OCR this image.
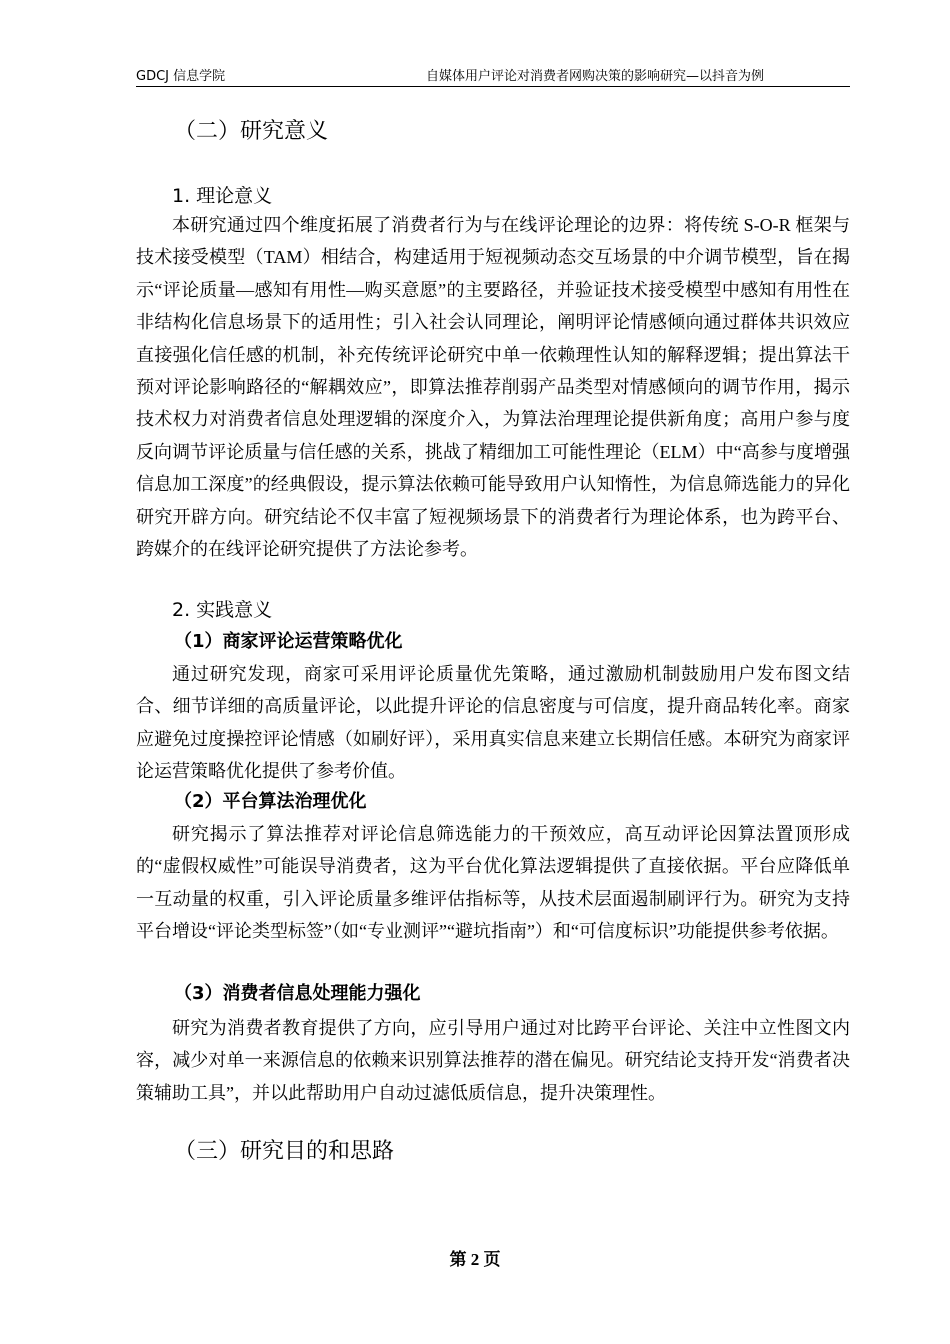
GDCJ 信息学院	自媒体用户评论对消费者网购决策的影响研究—以抖音为例
（二）研究意义
1. 理论意义

本研究通过四个维度拓展了消费者行为与在线评论理论的边界：将传统 S-O-R 框架与技术接受模型（TAM）相结合，构建适用于短视频动态交互场景的中介调节模型，旨在揭示“评论质量—感知有用性—购买意愿”的主要路径，并验证技术接受模型中感知有用性在非结构化信息场景下的适用性；引入社会认同理论，阐明评论情感倾向通过群体共识效应直接强化信任感的机制，补充传统评论研究中单一依赖理性认知的解释逻辑；提出算法干预对评论影响路径的“解耦效应”，即算法推荐削弱产品类型对情感倾向的调节作用，揭示技术权力对消费者信息处理逻辑的深度介入，为算法治理理论提供新角度；高用户参与度反向调节评论质量与信任感的关系，挑战了精细加工可能性理论（ELM）中“高参与度增强信息加工深度”的经典假设，提示算法依赖可能导致用户认知惰性，为信息筛选能力的异化研究开辟方向。研究结论不仅丰富了短视频场景下的消费者行为理论体系，也为跨平台、跨媒介的在线评论研究提供了方法论参考。

2. 实践意义
（1）商家评论运营策略优化

通过研究发现，商家可采用评论质量优先策略，通过激励机制鼓励用户发布图文结合、细节详细的高质量评论，以此提升评论的信息密度与可信度，提升商品转化率。商家应避免过度操控评论情感（如刷好评），采用真实信息来建立长期信任感。本研究为商家评论运营策略优化提供了参考价值。

（2）平台算法治理优化

研究揭示了算法推荐对评论信息筛选能力的干预效应，高互动评论因算法置顶形成的“虚假权威性”可能误导消费者，这为平台优化算法逻辑提供了直接依据。平台应降低单一互动量的权重，引入评论质量多维评估指标等，从技术层面遏制刷评行为。研究为支持平台增设“评论类型标签”（如“专业测评”“避坑指南”）和“可信度标识”功能提供参考依据。

（3）消费者信息处理能力强化

研究为消费者教育提供了方向，应引导用户通过对比跨平台评论、关注中立性图文内容，减少对单一来源信息的依赖来识别算法推荐的潜在偏见。研究结论支持开发“消费者决策辅助工具”，并以此帮助用户自动过滤低质信息，提升决策理性。

（三）研究目的和思路
第 2 页
